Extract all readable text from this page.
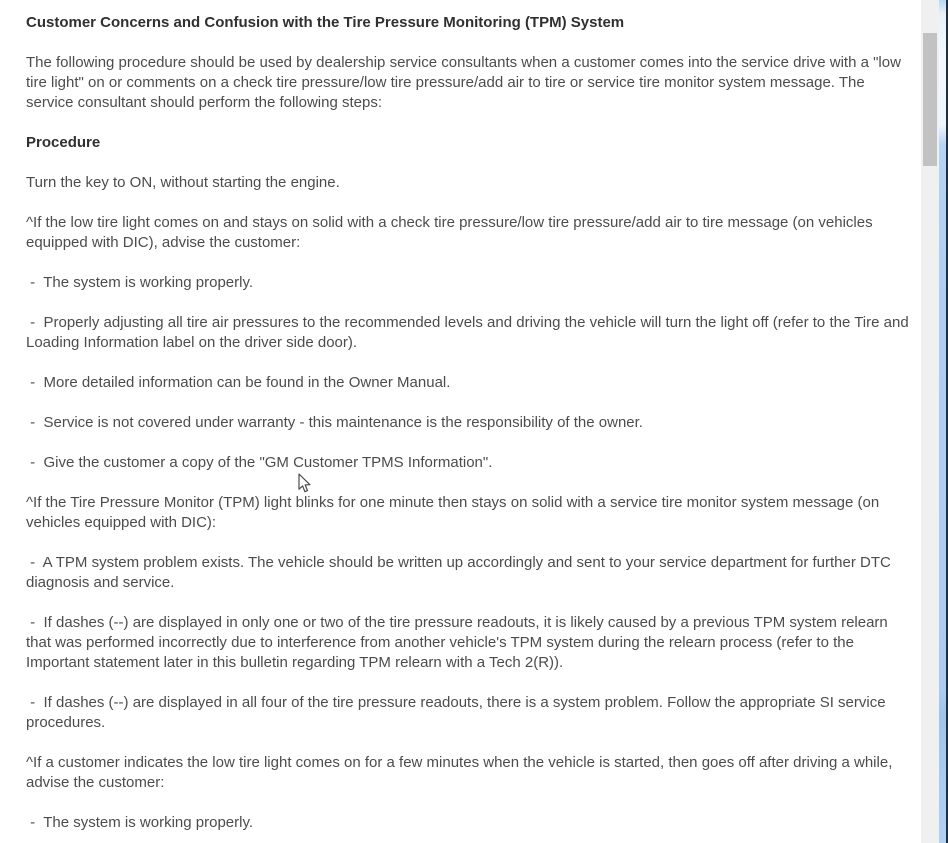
Customer Concerns and Confusion with the Tire Pressure Monitoring (TPM) System
The following procedure should be used by dealership service consultants when a customer comes into the service drive with a "low tire light" on or comments on a check tire pressure/low tire pressure/add air to tire or service tire monitor system message. The service consultant should perform the following steps:
Procedure
Turn the key to ON, without starting the engine.
^If the low tire light comes on and stays on solid with a check tire pressure/low tire pressure/add air to tire message (on vehicles equipped with DIC), advise the customer:
-  The system is working properly.
-  Properly adjusting all tire air pressures to the recommended levels and driving the vehicle will turn the light off (refer to the Tire and Loading Information label on the driver side door).
-  More detailed information can be found in the Owner Manual.
-  Service is not covered under warranty - this maintenance is the responsibility of the owner.
-  Give the customer a copy of the "GM Customer TPMS Information".
^If the Tire Pressure Monitor (TPM) light blinks for one minute then stays on solid with a service tire monitor system message (on vehicles equipped with DIC):
-  A TPM system problem exists. The vehicle should be written up accordingly and sent to your service department for further DTC diagnosis and service.
-  If dashes (--) are displayed in only one or two of the tire pressure readouts, it is likely caused by a previous TPM system relearn that was performed incorrectly due to interference from another vehicle's TPM system during the relearn process (refer to the Important statement later in this bulletin regarding TPM relearn with a Tech 2(R)).
-  If dashes (--) are displayed in all four of the tire pressure readouts, there is a system problem. Follow the appropriate SI service procedures.
^If a customer indicates the low tire light comes on for a few minutes when the vehicle is started, then goes off after driving a while, advise the customer:
-  The system is working properly.
